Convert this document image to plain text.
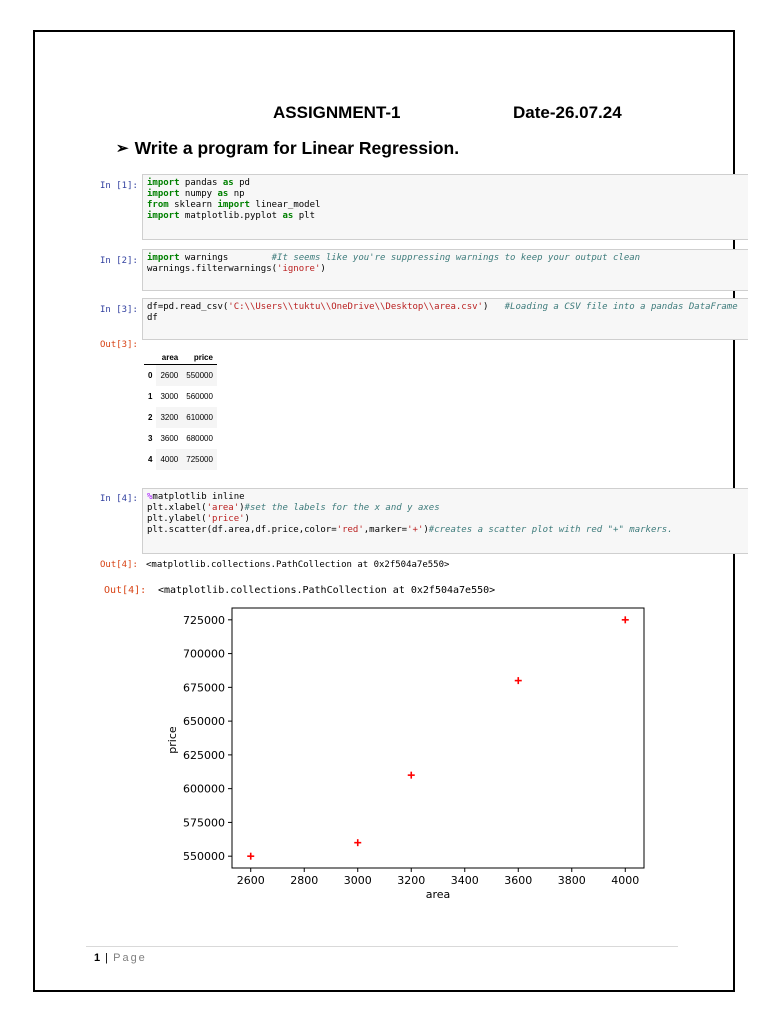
ASSIGNMENT-1	Date-26.07.24
➢ Write a program for Linear Regression.
In [1]:	import pandas as pd
import numpy as np
from sklearn import linear_model
import matplotlib.pyplot as plt
In [2]:	import warnings        #It seems like you're suppressing warnings to keep your output clean
warnings.filterwarnings('ignore')
In [3]:	df=pd.read_csv('C:\\Users\\tuktu\\OneDrive\\Desktop\\area.csv')   #Loading a CSV file into a pandas DataFrame
df
Out[3]:
	area	price
0	2600	550000
1	3000	560000
2	3200	610000
3	3600	680000
4	4000	725000
In [4]:	%matplotlib inline
plt.xlabel('area')#set the labels for the x and y axes
plt.ylabel('price')
plt.scatter(df.area,df.price,color='red',marker='+')#creates a scatter plot with red "+" markers.
Out[4]: <matplotlib.collections.PathCollection at 0x2f504a7e550>
Out[4]: <matplotlib.collections.PathCollection at 0x2f504a7e550>
2600 2800 3000 3200 3400 3600 3800 4000
550000
575000
600000
625000
650000
675000
700000
725000
area
price
1 | Page
